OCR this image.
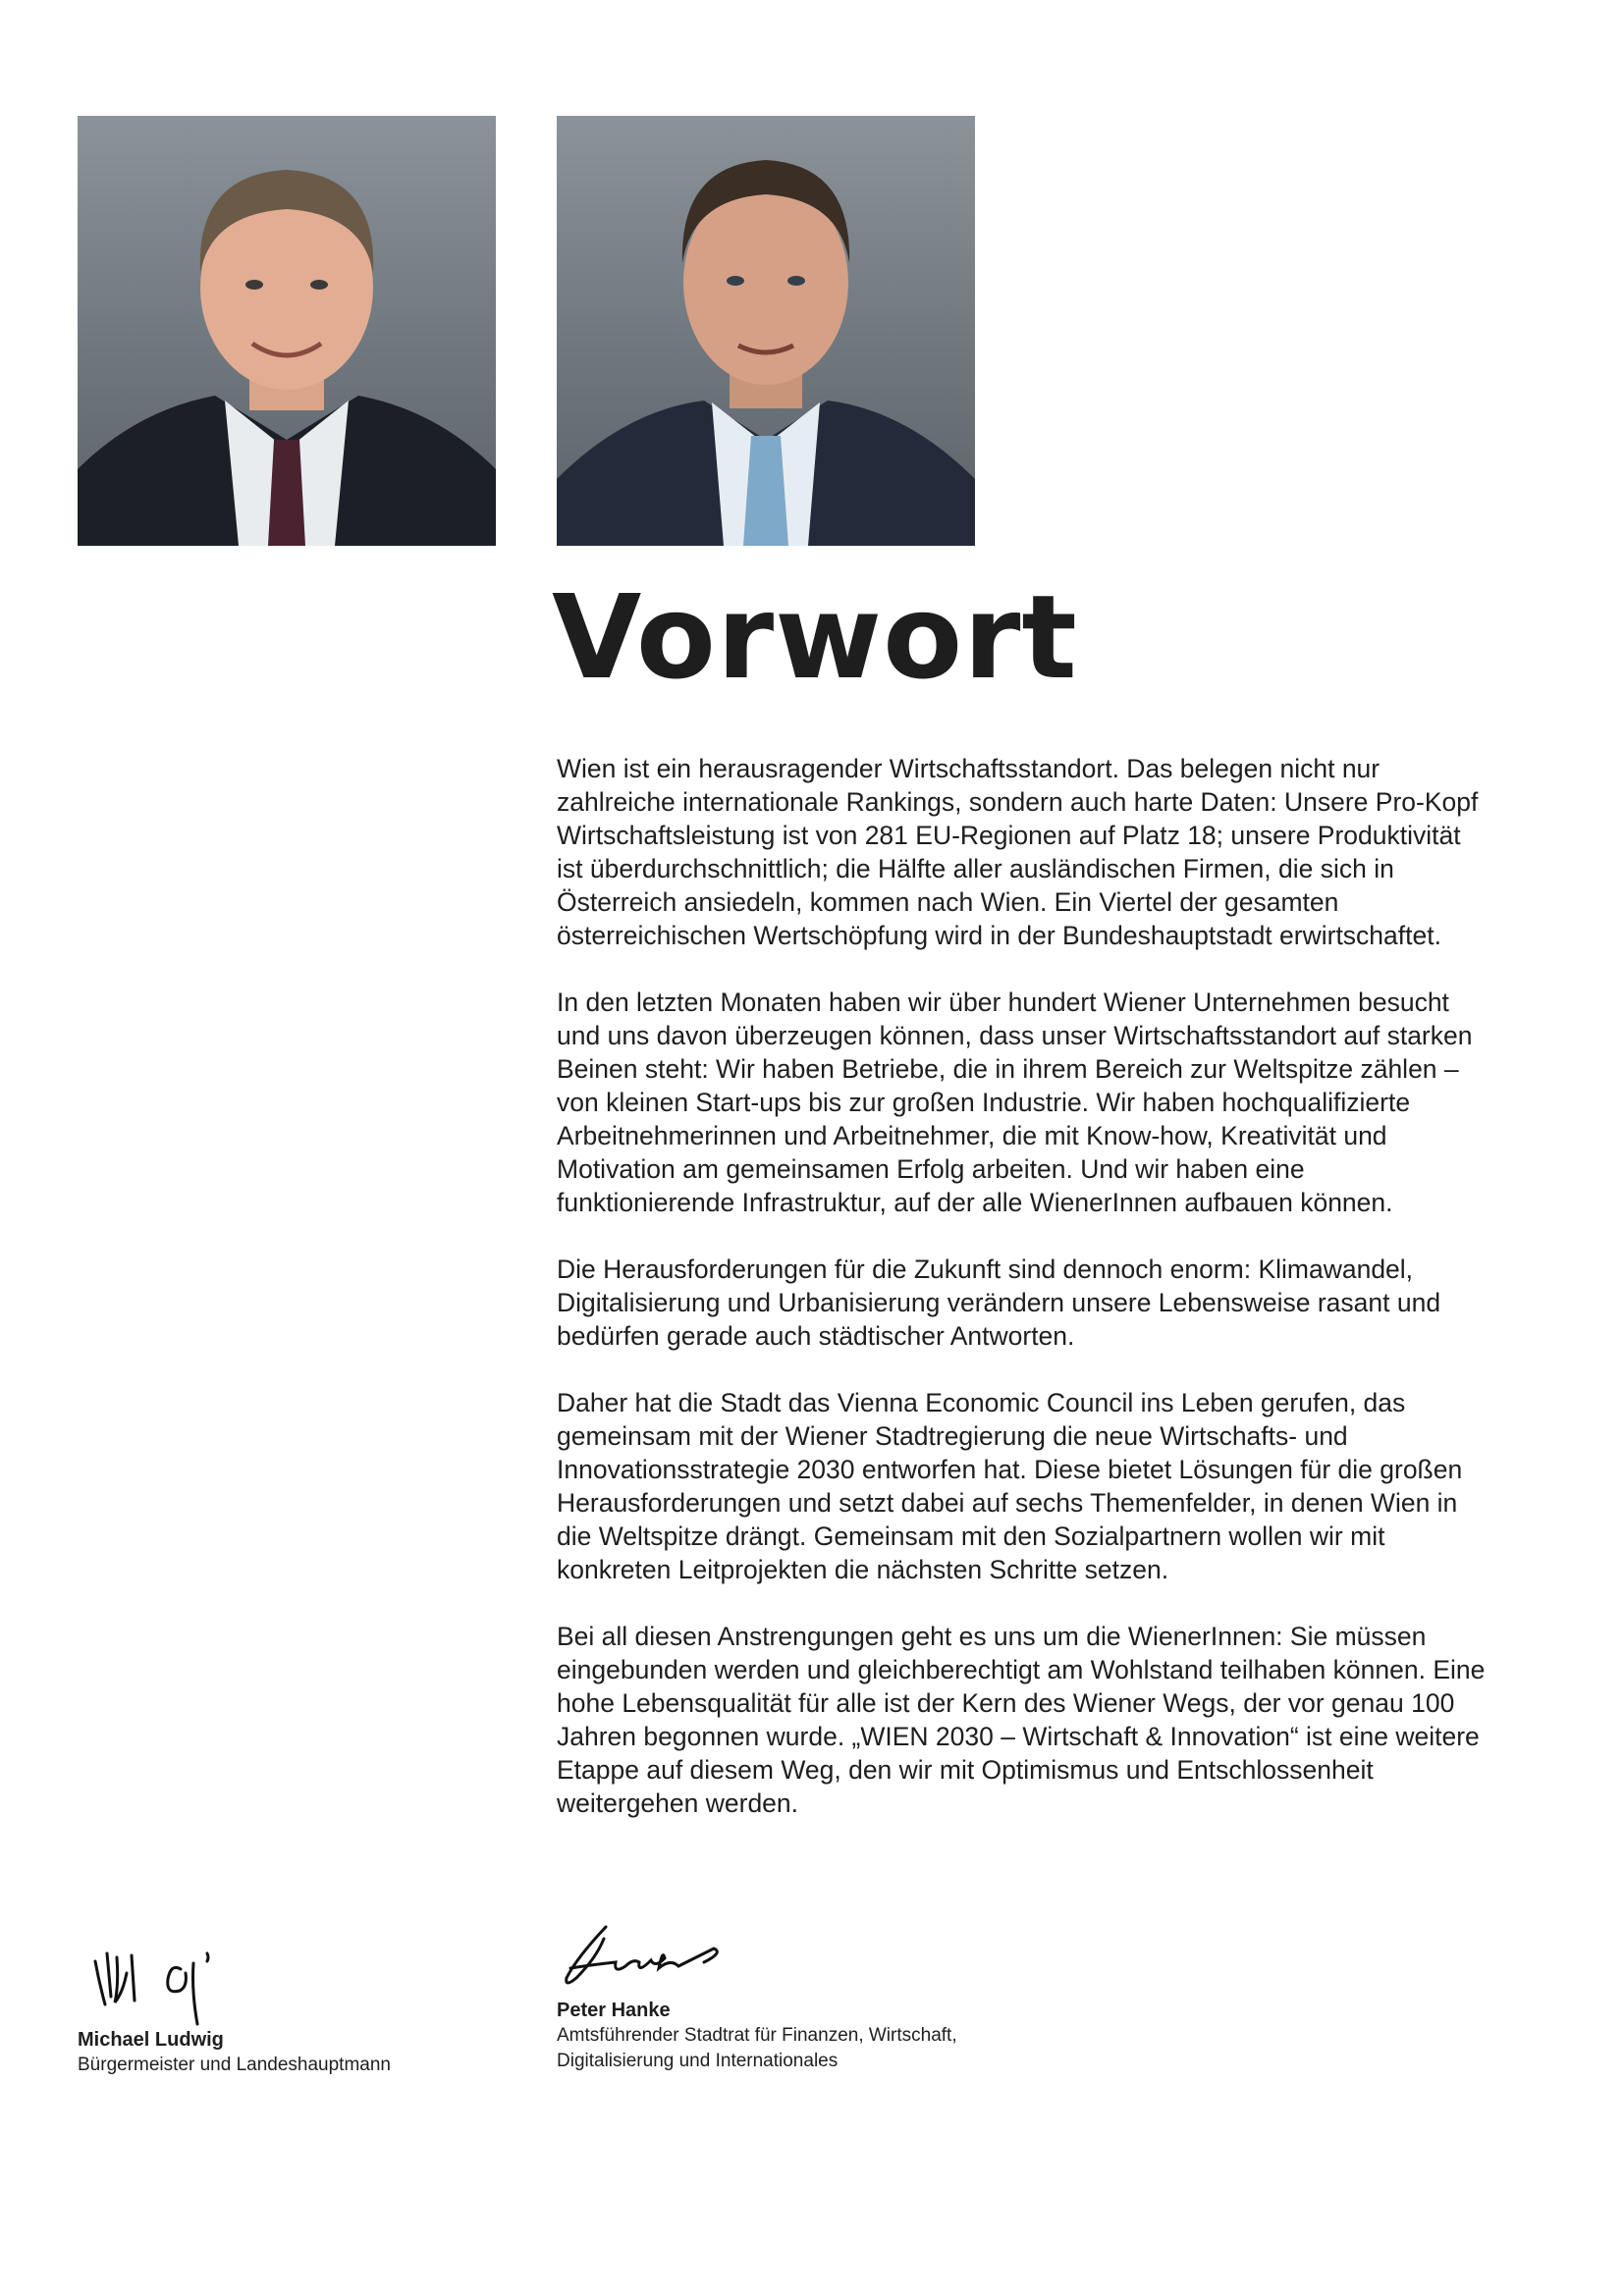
Vorwort

Wien ist ein herausragender Wirtschaftsstandort. Das belegen nicht nur zahlreiche internationale Rankings, sondern auch harte Daten: Unsere Pro-Kopf Wirtschaftsleistung ist von 281 EU-Regionen auf Platz 18; unsere Produktivität ist überdurchschnittlich; die Hälfte aller ausländischen Firmen, die sich in Österreich ansiedeln, kommen nach Wien. Ein Viertel der gesamten österreichischen Wertschöpfung wird in der Bundeshauptstadt erwirtschaftet.

In den letzten Monaten haben wir über hundert Wiener Unternehmen besucht und uns davon überzeugen können, dass unser Wirtschaftsstandort auf starken Beinen steht: Wir haben Betriebe, die in ihrem Bereich zur Weltspitze zählen – von kleinen Start-ups bis zur großen Industrie. Wir haben hochqualifizierte Arbeitnehmerinnen und Arbeitnehmer, die mit Know-how, Kreativität und Motivation am gemeinsamen Erfolg arbeiten. Und wir haben eine funktionierende Infrastruktur, auf der alle WienerInnen aufbauen können.

Die Herausforderungen für die Zukunft sind dennoch enorm: Klimawandel, Digitalisierung und Urbanisierung verändern unsere Lebensweise rasant und bedürfen gerade auch städtischer Antworten.

Daher hat die Stadt das Vienna Economic Council ins Leben gerufen, das gemeinsam mit der Wiener Stadtregierung die neue Wirtschafts- und Innovationsstrategie 2030 entworfen hat. Diese bietet Lösungen für die großen Herausforderungen und setzt dabei auf sechs Themenfelder, in denen Wien in die Weltspitze drängt. Gemeinsam mit den Sozialpartnern wollen wir mit konkreten Leitprojekten die nächsten Schritte setzen.

Bei all diesen Anstrengungen geht es uns um die WienerInnen: Sie müssen eingebunden werden und gleichberechtigt am Wohlstand teilhaben können. Eine hohe Lebensqualität für alle ist der Kern des Wiener Wegs, der vor genau 100 Jahren begonnen wurde. „WIEN 2030 – Wirtschaft & Innovation“ ist eine weitere Etappe auf diesem Weg, den wir mit Optimismus und Entschlossenheit weitergehen werden.

Michael Ludwig
Bürgermeister und Landeshauptmann
Peter Hanke
Amtsführender Stadtrat für Finanzen, Wirtschaft,
Digitalisierung und Internationales
